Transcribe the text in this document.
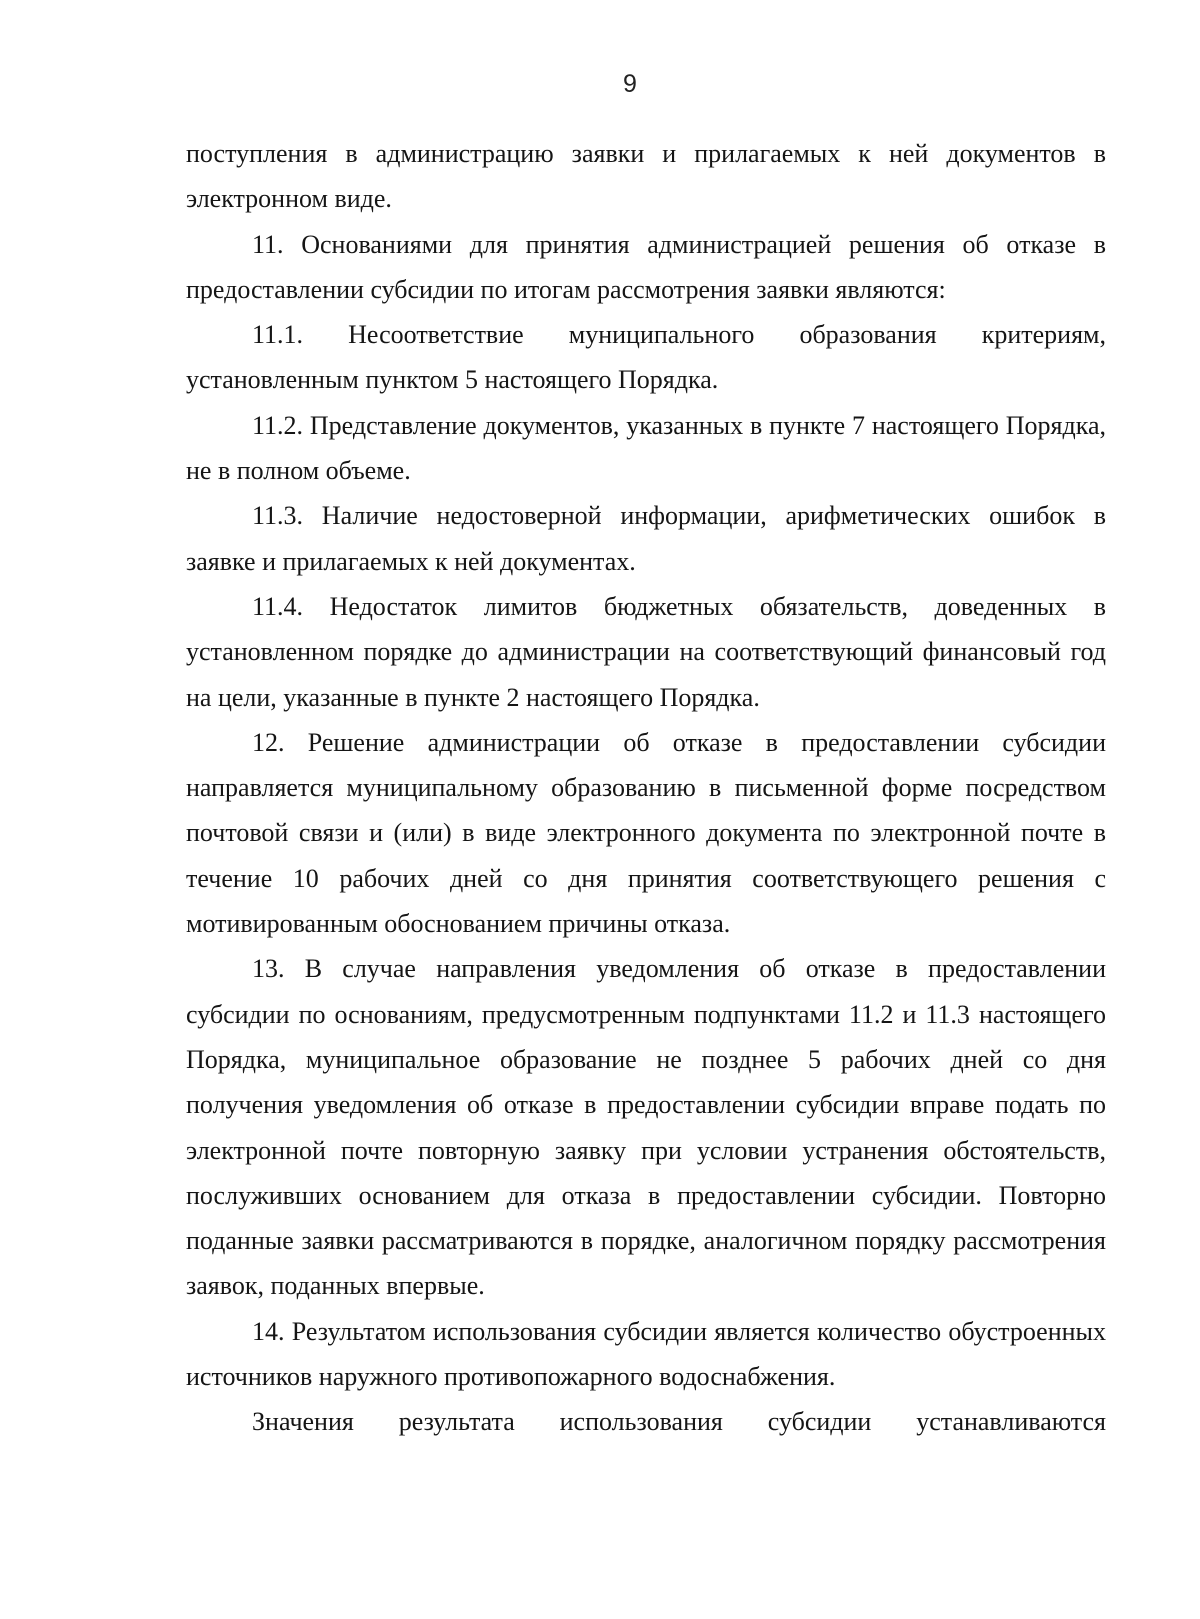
9

поступления в администрацию заявки и прилагаемых к ней документов в электронном виде.

11. Основаниями для принятия администрацией решения об отказе в предоставлении субсидии по итогам рассмотрения заявки являются:

11.1. Несоответствие муниципального образования критериям, установленным пунктом 5 настоящего Порядка.

11.2. Представление документов, указанных в пункте 7 настоящего Порядка, не в полном объеме.

11.3. Наличие недостоверной информации, арифметических ошибок в заявке и прилагаемых к ней документах.

11.4. Недостаток лимитов бюджетных обязательств, доведенных в установленном порядке до администрации на соответствующий финансовый год на цели, указанные в пункте 2 настоящего Порядка.

12. Решение администрации об отказе в предоставлении субсидии направляется муниципальному образованию в письменной форме посредством почтовой связи и (или) в виде электронного документа по электронной почте в течение 10 рабочих дней со дня принятия соответствующего решения с мотивированным обоснованием причины отказа.

13. В случае направления уведомления об отказе в предоставлении субсидии по основаниям, предусмотренным подпунктами 11.2 и 11.3 настоящего Порядка, муниципальное образование не позднее 5 рабочих дней со дня получения уведомления об отказе в предоставлении субсидии вправе подать по электронной почте повторную заявку при условии устранения обстоятельств, послуживших основанием для отказа в предоставлении субсидии. Повторно поданные заявки рассматриваются в порядке, аналогичном порядку рассмотрения заявок, поданных впервые.

14. Результатом использования субсидии является количество обустроенных источников наружного противопожарного водоснабжения.

Значения результата использования субсидии устанавливаются
